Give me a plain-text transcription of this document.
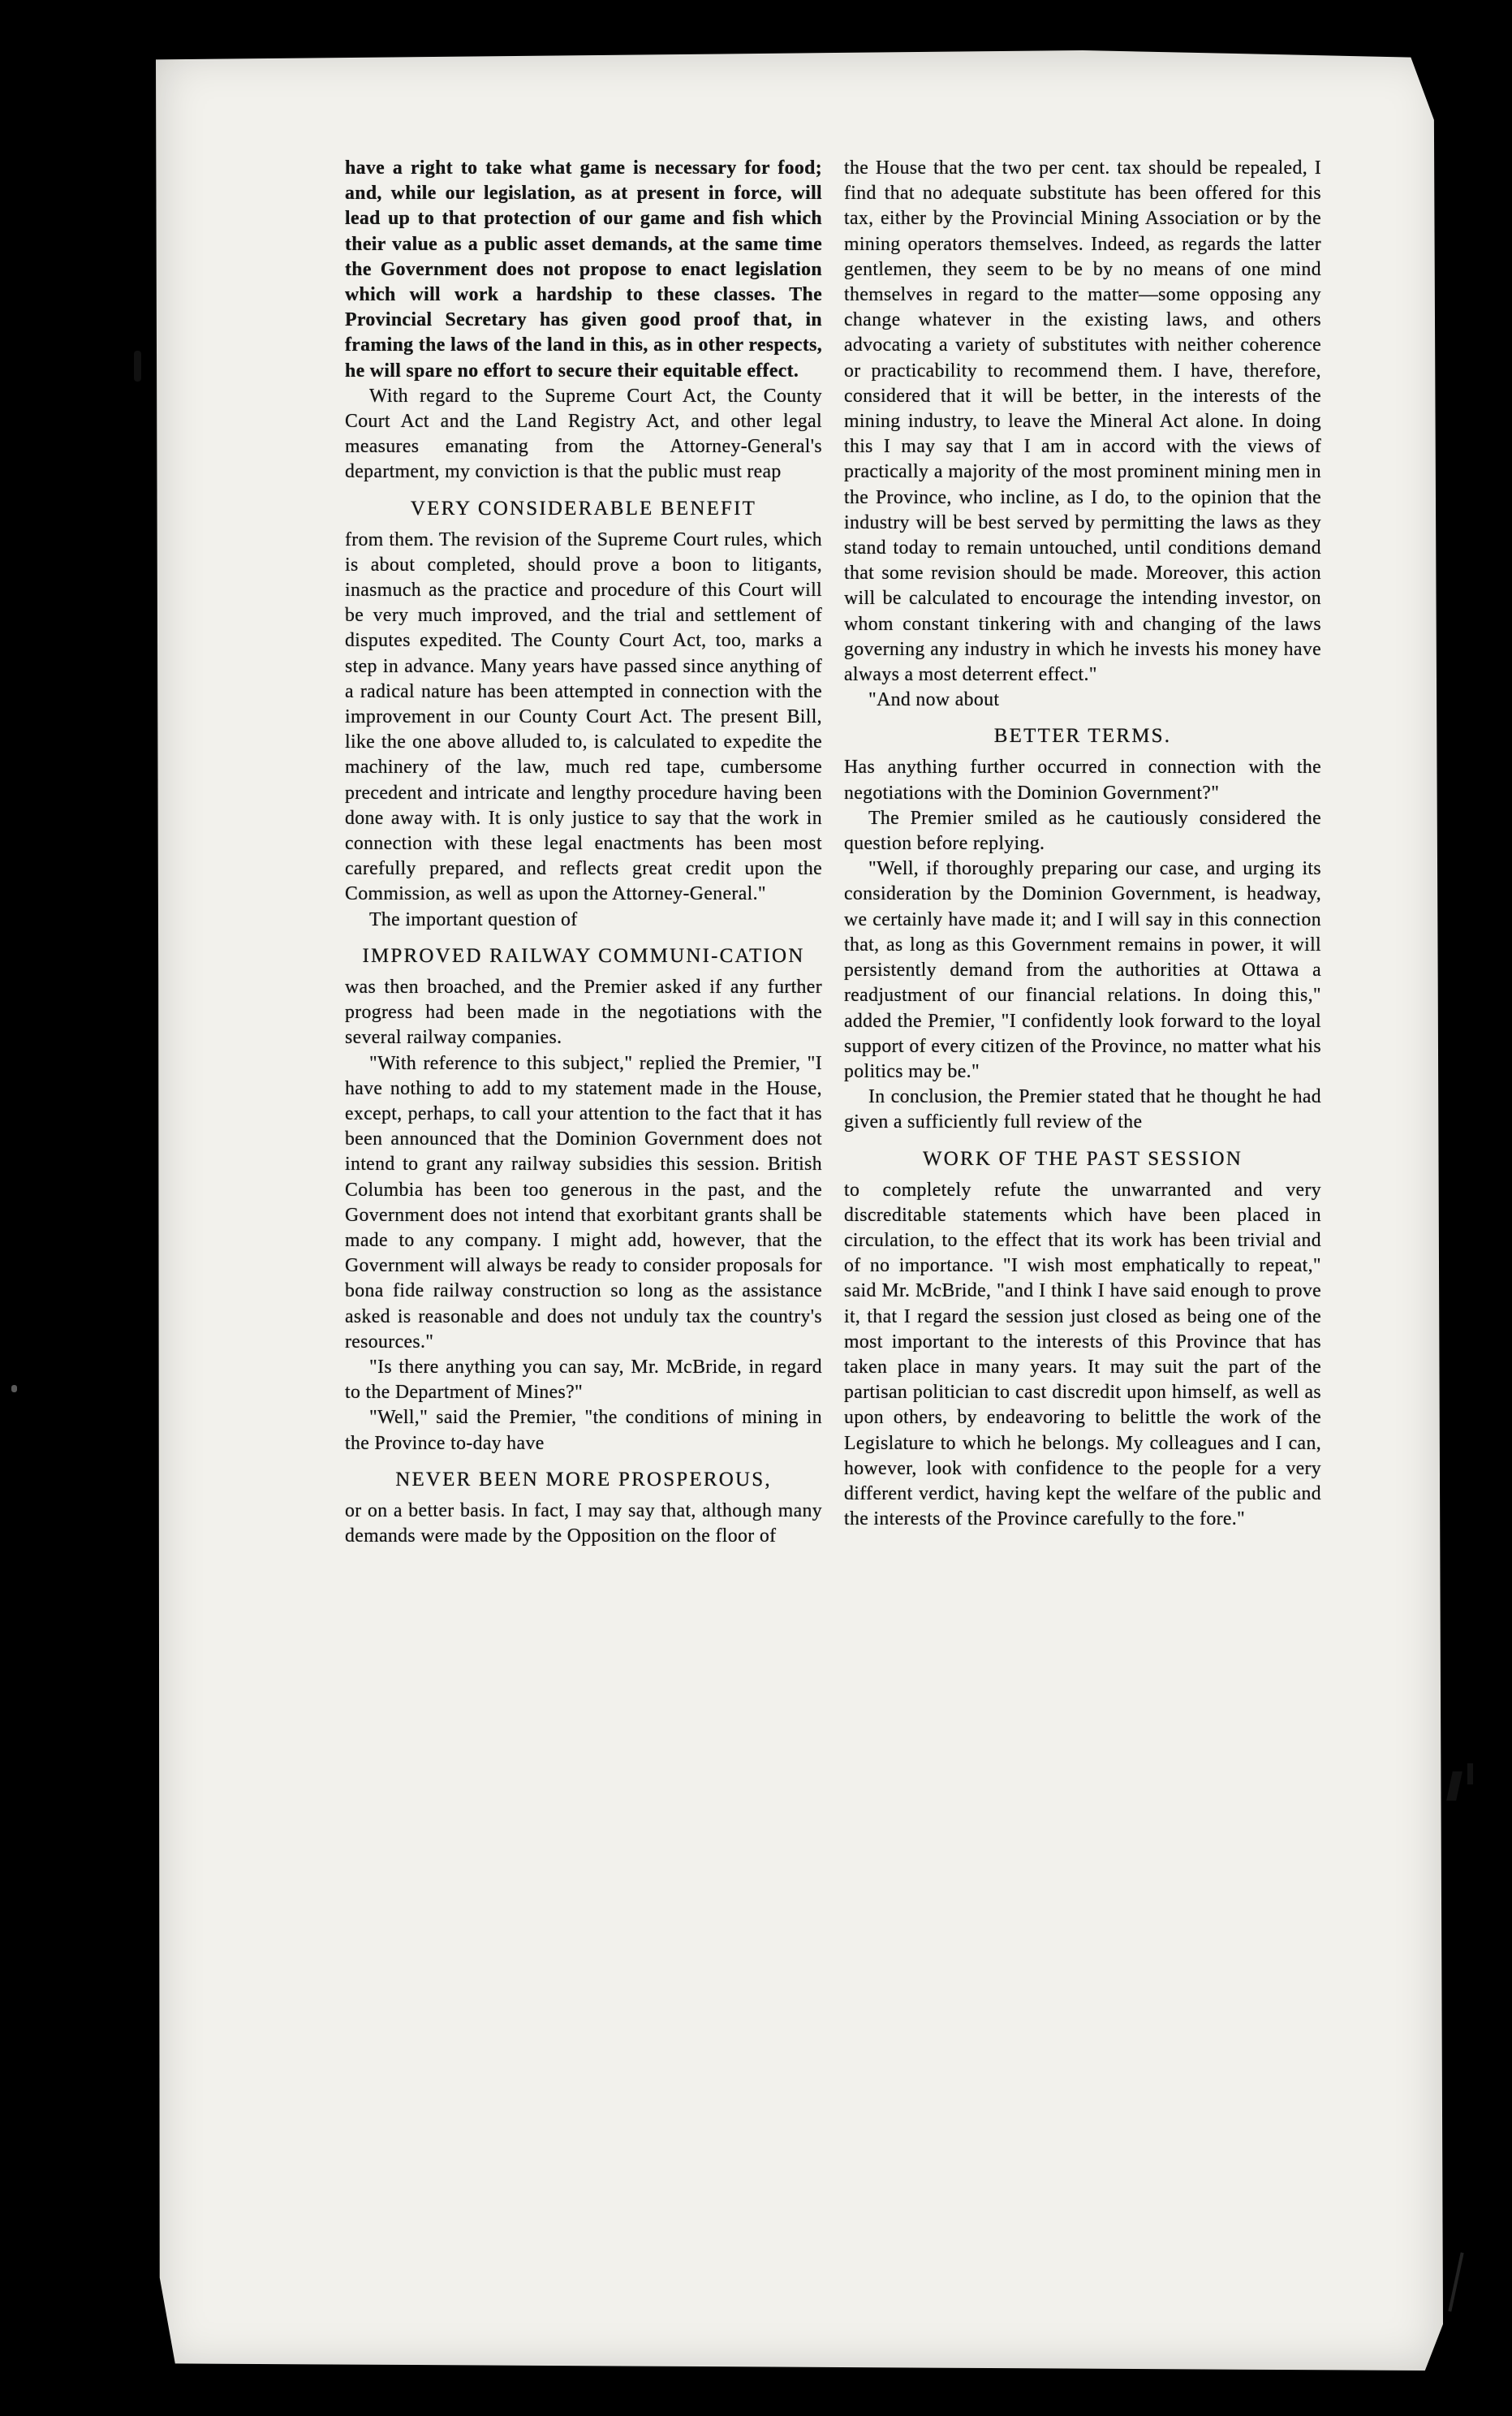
have a right to take what game is necessary for food; and, while our legislation, as at present in force, will lead up to that protection of our game and fish which their value as a public asset demands, at the same time the Government does not propose to enact legislation which will work a hardship to these classes. The Provincial Secretary has given good proof that, in framing the laws of the land in this, as in other respects, he will spare no effort to secure their equitable effect.

With regard to the Supreme Court Act, the County Court Act and the Land Registry Act, and other legal measures emanating from the Attorney-General's department, my conviction is that the public must reap

VERY CONSIDERABLE BENEFIT

from them. The revision of the Supreme Court rules, which is about completed, should prove a boon to litigants, inasmuch as the practice and procedure of this Court will be very much improved, and the trial and settlement of disputes expedited. The County Court Act, too, marks a step in advance. Many years have passed since anything of a radical nature has been attempted in connection with the improvement in our County Court Act. The present Bill, like the one above alluded to, is calculated to expedite the machinery of the law, much red tape, cumbersome precedent and intricate and lengthy procedure having been done away with. It is only justice to say that the work in connection with these legal enactments has been most carefully prepared, and reflects great credit upon the Commission, as well as upon the Attorney-General."

The important question of

IMPROVED RAILWAY COMMUNI-CATION

was then broached, and the Premier asked if any further progress had been made in the negotiations with the several railway companies.

"With reference to this subject," replied the Premier, "I have nothing to add to my statement made in the House, except, perhaps, to call your attention to the fact that it has been announced that the Dominion Government does not intend to grant any railway subsidies this session. British Columbia has been too generous in the past, and the Government does not intend that exorbitant grants shall be made to any company. I might add, however, that the Government will always be ready to consider proposals for bona fide railway construction so long as the assistance asked is reasonable and does not unduly tax the country's resources."

"Is there anything you can say, Mr. McBride, in regard to the Department of Mines?"

"Well," said the Premier, "the conditions of mining in the Province to-day have

NEVER BEEN MORE PROSPEROUS,

or on a better basis. In fact, I may say that, although many demands were made by the Opposition on the floor of

the House that the two per cent. tax should be repealed, I find that no adequate substitute has been offered for this tax, either by the Provincial Mining Association or by the mining operators themselves. Indeed, as regards the latter gentlemen, they seem to be by no means of one mind themselves in regard to the matter—some opposing any change whatever in the existing laws, and others advocating a variety of substitutes with neither coherence or practicability to recommend them. I have, therefore, considered that it will be better, in the interests of the mining industry, to leave the Mineral Act alone. In doing this I may say that I am in accord with the views of practically a majority of the most prominent mining men in the Province, who incline, as I do, to the opinion that the industry will be best served by permitting the laws as they stand today to remain untouched, until conditions demand that some revision should be made. Moreover, this action will be calculated to encourage the intending investor, on whom constant tinkering with and changing of the laws governing any industry in which he invests his money have always a most deterrent effect."

"And now about

BETTER TERMS.

Has anything further occurred in connection with the negotiations with the Dominion Government?"

The Premier smiled as he cautiously considered the question before replying.

"Well, if thoroughly preparing our case, and urging its consideration by the Dominion Government, is headway, we certainly have made it; and I will say in this connection that, as long as this Government remains in power, it will persistently demand from the authorities at Ottawa a readjustment of our financial relations. In doing this," added the Premier, "I confidently look forward to the loyal support of every citizen of the Province, no matter what his politics may be."

In conclusion, the Premier stated that he thought he had given a sufficiently full review of the

WORK OF THE PAST SESSION

to completely refute the unwarranted and very discreditable statements which have been placed in circulation, to the effect that its work has been trivial and of no importance. "I wish most emphatically to repeat," said Mr. McBride, "and I think I have said enough to prove it, that I regard the session just closed as being one of the most important to the interests of this Province that has taken place in many years. It may suit the part of the partisan politician to cast discredit upon himself, as well as upon others, by endeavoring to belittle the work of the Legislature to which he belongs. My colleagues and I can, however, look with confidence to the people for a very different verdict, having kept the welfare of the public and the interests of the Province carefully to the fore."
